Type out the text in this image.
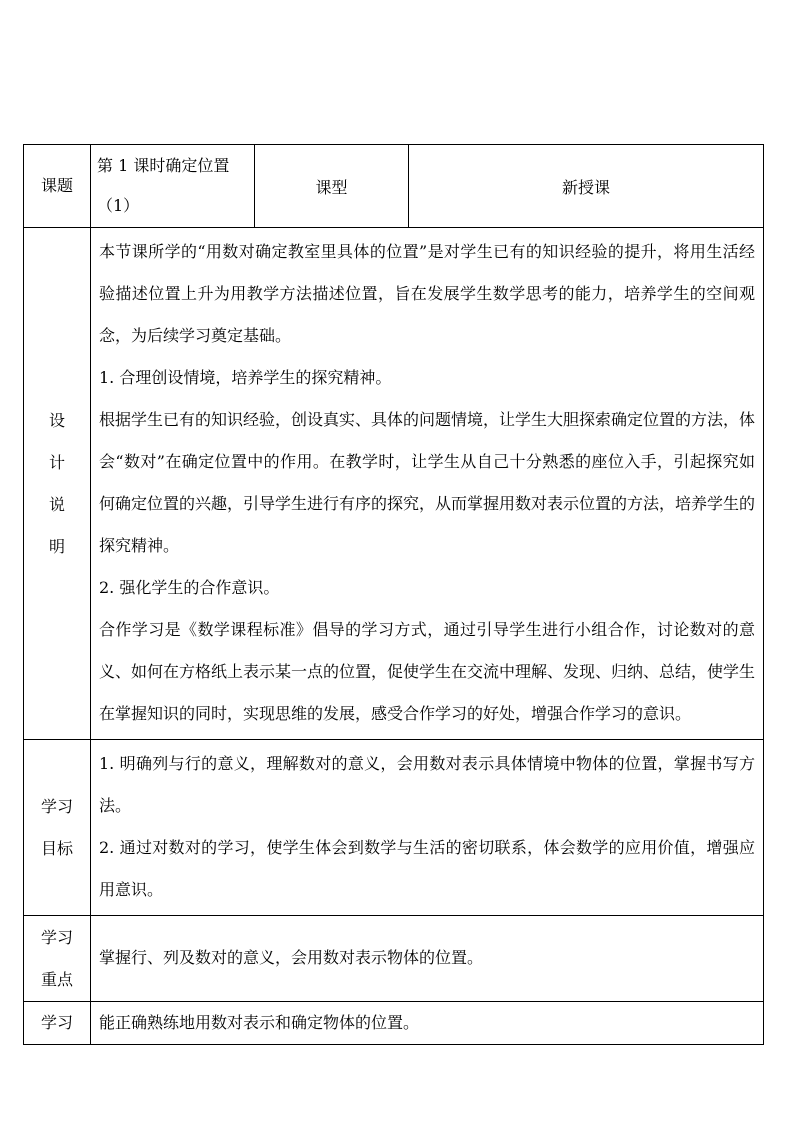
课题	第 1 课时确定位置（1）	课型	新授课

设计说明	本节课所学的“用数对确定教室里具体的位置”是对学生已有的知识经验的提升，将用生活经验描述位置上升为用教学方法描述位置，旨在发展学生数学思考的能力，培养学生的空间观念，为后续学习奠定基础。
1. 合理创设情境，培养学生的探究精神。
根据学生已有的知识经验，创设真实、具体的问题情境，让学生大胆探索确定位置的方法，体会“数对”在确定位置中的作用。在教学时，让学生从自己十分熟悉的座位入手，引起探究如何确定位置的兴趣，引导学生进行有序的探究，从而掌握用数对表示位置的方法，培养学生的探究精神。
2. 强化学生的合作意识。
合作学习是《数学课程标准》倡导的学习方式，通过引导学生进行小组合作，讨论数对的意义、如何在方格纸上表示某一点的位置，促使学生在交流中理解、发现、归纳、总结，使学生在掌握知识的同时，实现思维的发展，感受合作学习的好处，增强合作学习的意识。		

学习目标	1. 明确列与行的意义，理解数对的意义，会用数对表示具体情境中物体的位置，掌握书写方法。
2. 通过对数对的学习，使学生体会到数学与生活的密切联系，体会数学的应用价值，增强应用意识。		

学习重点	掌握行、列及数对的意义，会用数对表示物体的位置。		
学习	能正确熟练地用数对表示和确定物体的位置。		
